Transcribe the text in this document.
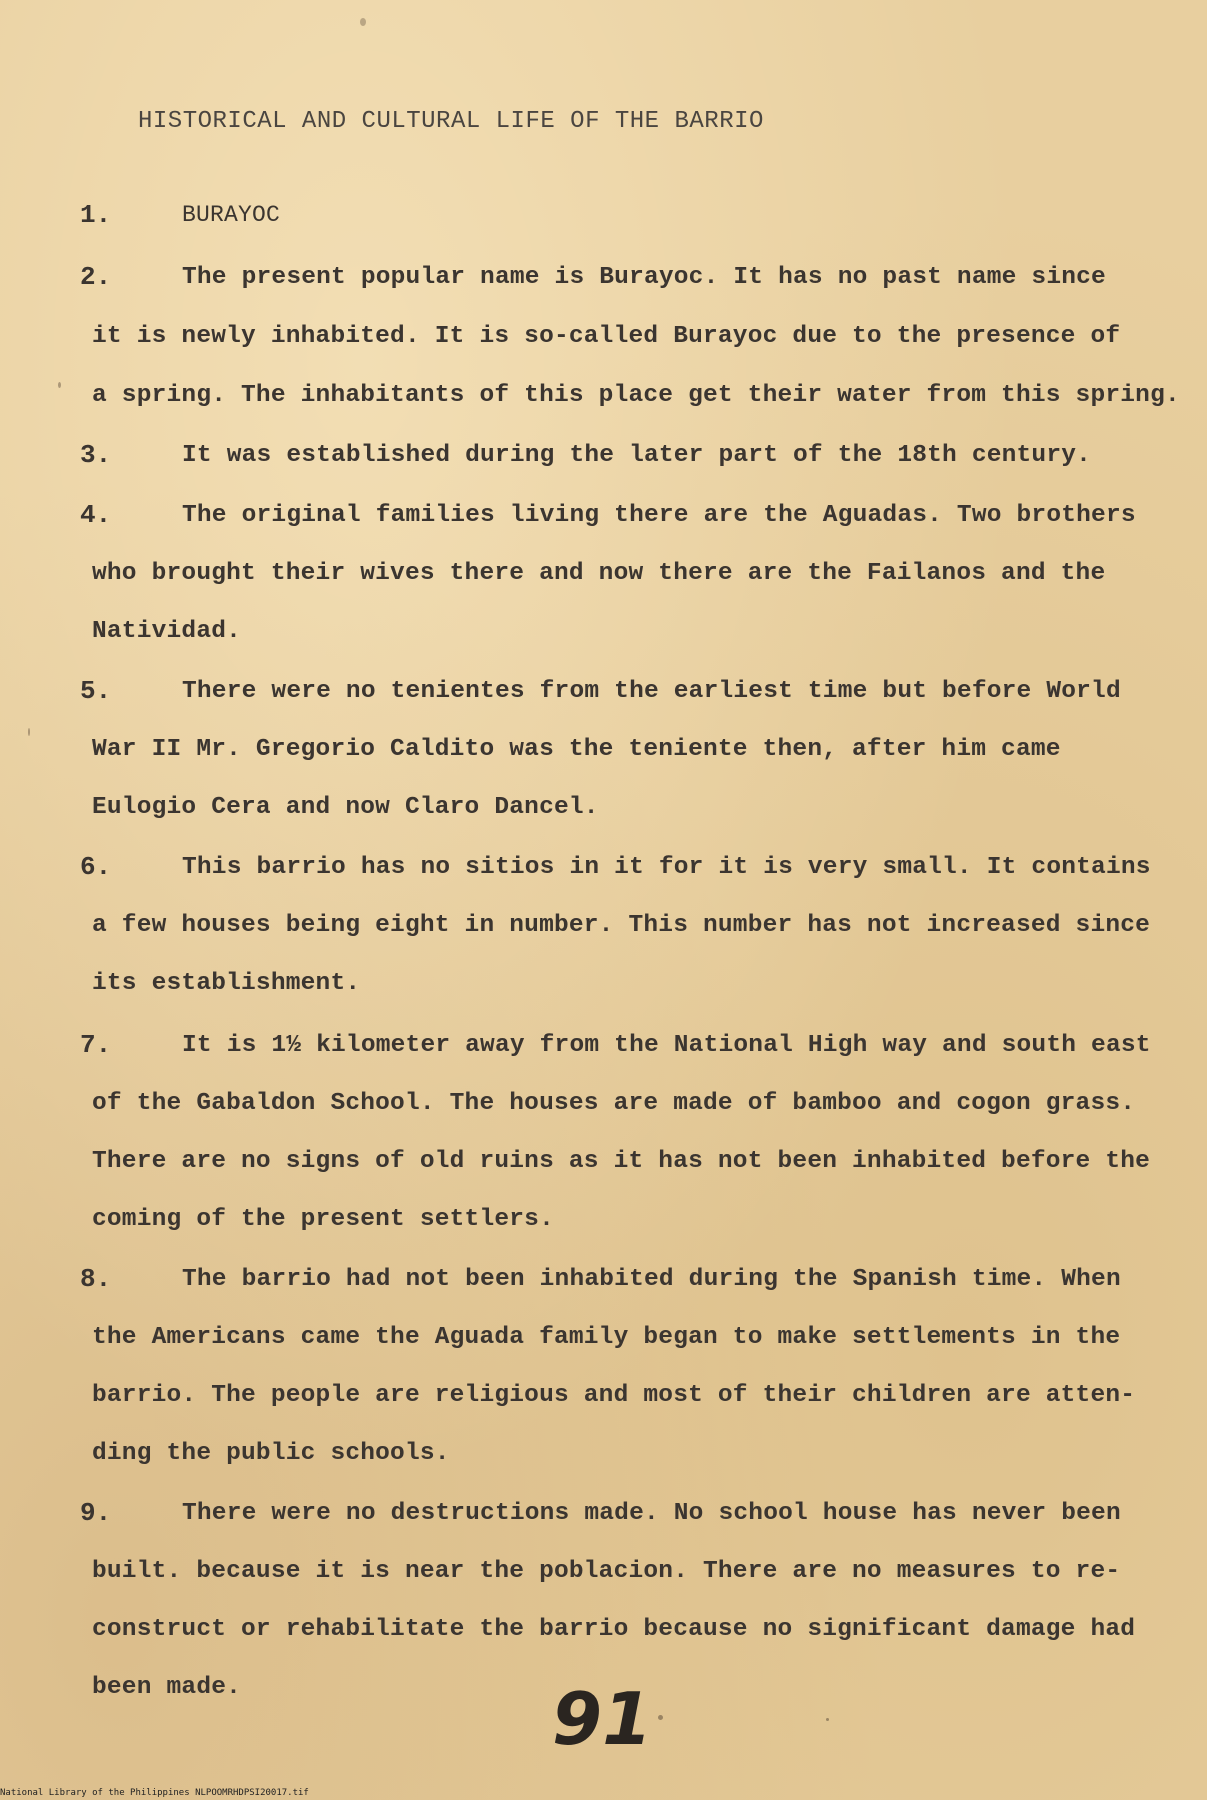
HISTORICAL AND CULTURAL LIFE OF THE BARRIO
1.	BURAYOC
2.	The present popular name is Burayoc. It has no past name since
it is newly inhabited. It is so-called Burayoc due to the presence of
a spring. The inhabitants of this place get their water from this spring.
3.	It was established during the later part of the 18th century.
4.	The original families living there are the Aguadas. Two brothers
who brought their wives there and now there are the Failanos and the
Natividad.
5.	There were no tenientes from the earliest time but before World
War II Mr. Gregorio Caldito was the teniente then, after him came
Eulogio Cera and now Claro Dancel.
6.	This barrio has no sitios in it for it is very small. It contains
a few houses being eight in number. This number has not increased since
its establishment.
7.	It is 1½ kilometer away from the National High way and south east
of the Gabaldon School. The houses are made of bamboo and cogon grass.
There are no signs of old ruins as it has not been inhabited before the
coming of the present settlers.
8.	The barrio had not been inhabited during the Spanish time. When
the Americans came the Aguada family began to make settlements in the
barrio. The people are religious and most of their children are atten-
ding the public schools.
9.	There were no destructions made. No school house has never been
built. because it is near the poblacion. There are no measures to re-
construct or rehabilitate the barrio because no significant damage had
been made.	91
National Library of the Philippines NLPOOMRHDPSI20017.tif
